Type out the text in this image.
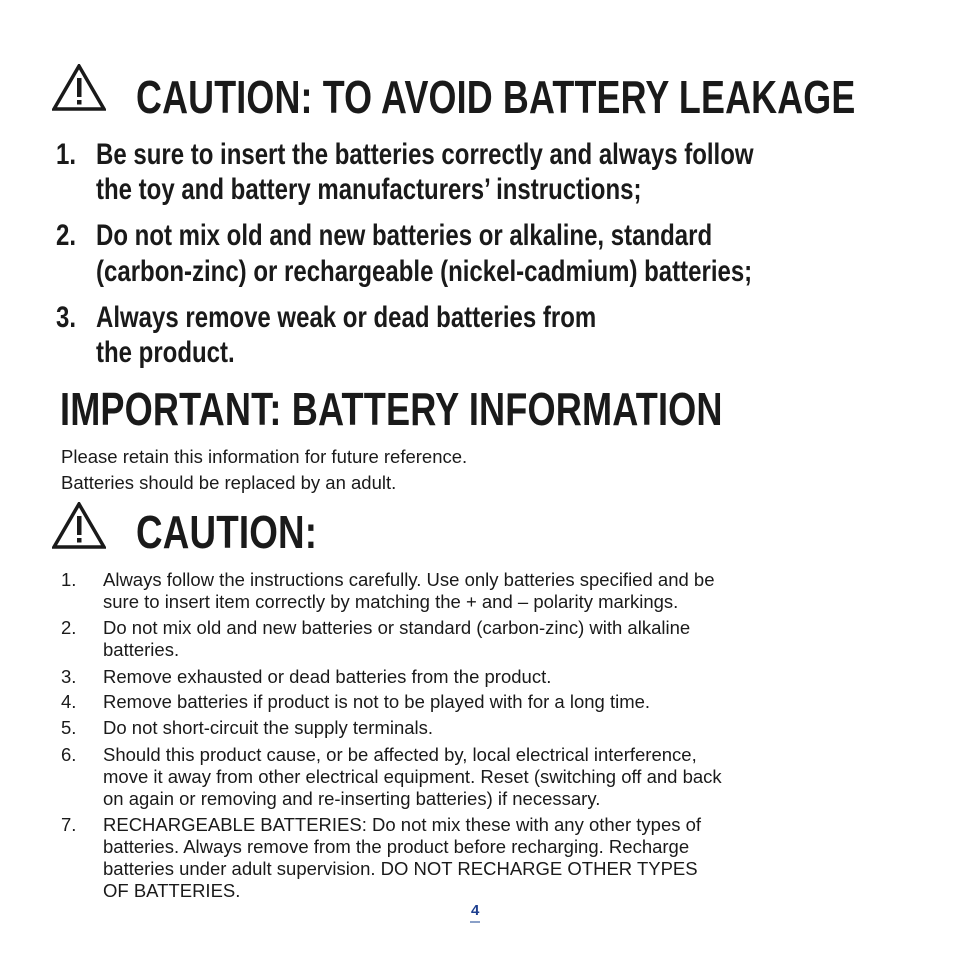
CAUTION: TO AVOID BATTERY LEAKAGE
1. Be sure to insert the batteries correctly and always follow
the toy and battery manufacturers’ instructions;
2. Do not mix old and new batteries or alkaline, standard
(carbon-zinc) or rechargeable (nickel-cadmium) batteries;
3. Always remove weak or dead batteries from
the product.
IMPORTANT: BATTERY INFORMATION
Please retain this information for future reference.
Batteries should be replaced by an adult.
CAUTION:
1. Always follow the instructions carefully. Use only batteries specified and be
sure to insert item correctly by matching the + and – polarity markings.
2. Do not mix old and new batteries or standard (carbon-zinc) with alkaline
batteries.
3. Remove exhausted or dead batteries from the product.
4. Remove batteries if product is not to be played with for a long time.
5. Do not short-circuit the supply terminals.
6. Should this product cause, or be affected by, local electrical interference,
move it away from other electrical equipment. Reset (switching off and back
on again or removing and re-inserting batteries) if necessary.
7. RECHARGEABLE BATTERIES: Do not mix these with any other types of
batteries. Always remove from the product before recharging. Recharge
batteries under adult supervision. DO NOT RECHARGE OTHER TYPES
OF BATTERIES.
4
